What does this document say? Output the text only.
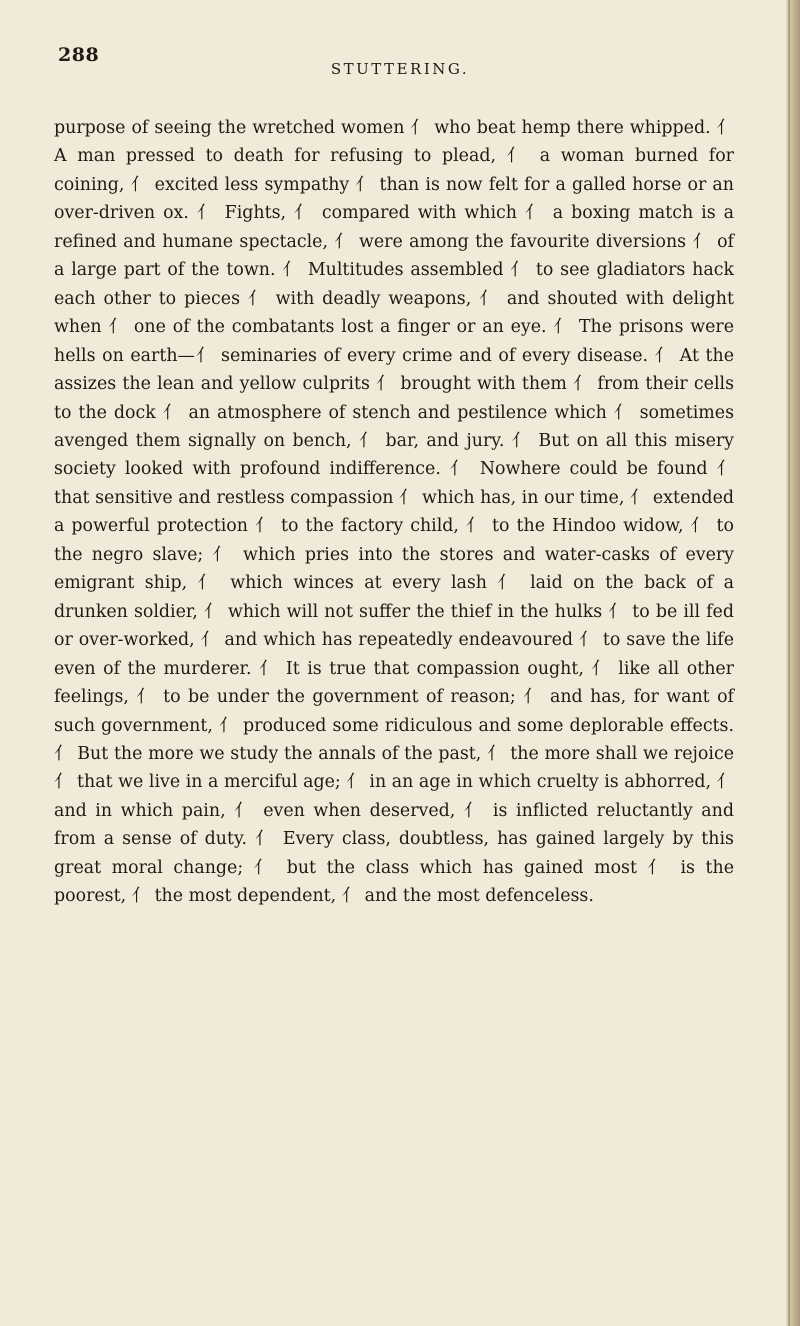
288
STUTTERING.

purpose of seeing the wretched women ⺅ who beat hemp there whipped. ⺅ A man pressed to death for refusing to plead, ⺅ a woman burned for coining, ⺅ excited less sympathy ⺅ than is now felt for a galled horse or an over-driven ox. ⺅ Fights, ⺅ compared with which ⺅ a boxing match is a refined and humane spectacle, ⺅ were among the favourite diversions ⺅ of a large part of the town. ⺅ Multitudes assembled ⺅ to see gladiators hack each other to pieces ⺅ with deadly weapons, ⺅ and shouted with delight when ⺅ one of the combatants lost a finger or an eye. ⺅ The prisons were hells on earth—⺅ seminaries of every crime and of every disease. ⺅ At the assizes the lean and yellow culprits ⺅ brought with them ⺅ from their cells to the dock ⺅ an atmosphere of stench and pestilence which ⺅ sometimes avenged them signally on bench, ⺅ bar, and jury. ⺅ But on all this misery society looked with profound indifference. ⺅ Nowhere could be found ⺅ that sensitive and restless compassion ⺅ which has, in our time, ⺅ extended a powerful protection ⺅ to the factory child, ⺅ to the Hindoo widow, ⺅ to the negro slave; ⺅ which pries into the stores and water-casks of every emigrant ship, ⺅ which winces at every lash ⺅ laid on the back of a drunken soldier, ⺅ which will not suffer the thief in the hulks ⺅ to be ill fed or over-worked, ⺅ and which has repeatedly endeavoured ⺅ to save the life even of the murderer. ⺅ It is true that compassion ought, ⺅ like all other feelings, ⺅ to be under the government of reason; ⺅ and has, for want of such government, ⺅ produced some ridiculous and some deplorable effects. ⺅ But the more we study the annals of the past, ⺅ the more shall we rejoice ⺅ that we live in a merciful age; ⺅ in an age in which cruelty is abhorred, ⺅ and in which pain, ⺅ even when deserved, ⺅ is inflicted reluctantly and from a sense of duty. ⺅ Every class, doubtless, has gained largely by this great moral change; ⺅ but the class which has gained most ⺅ is the poorest, ⺅ the most dependent, ⺅ and the most defenceless.
